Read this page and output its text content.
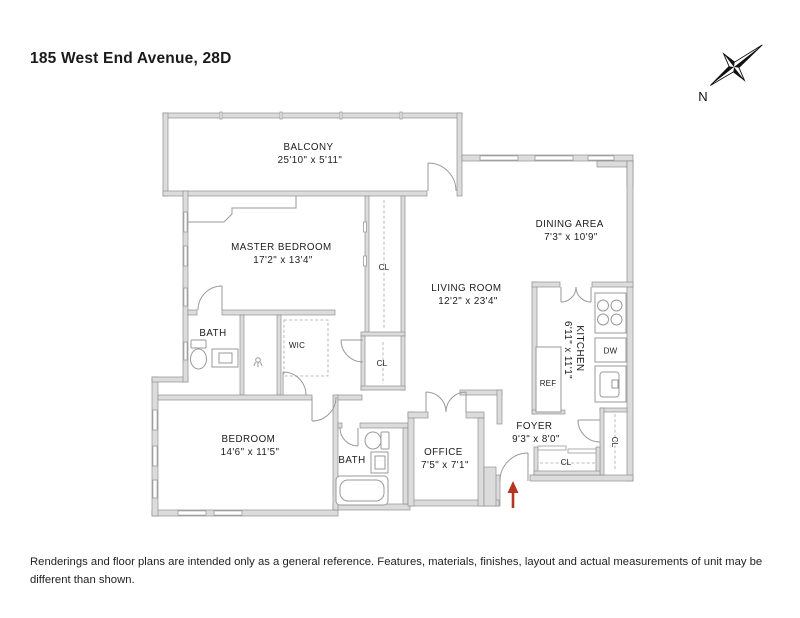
185 West End Avenue, 28D
N
BALCONY 25'10" x 5'11"
MASTER BEDROOM 17'2" x 13'4"
DINING AREA 7'3" x 10'9"
LIVING ROOM 12'2" x 23'4"
KITCHEN 6'11" x 11'1"
BATH
WIC
BEDROOM 14'6" x 11'5"
BATH
OFFICE 7'5" x 7'1"
FOYER 9'3" x 8'0"
CL
CL
CL
CL
REF
DW
Renderings and floor plans are intended only as a general reference. Features, materials, finishes, layout and actual measurements of unit may be different than shown.
